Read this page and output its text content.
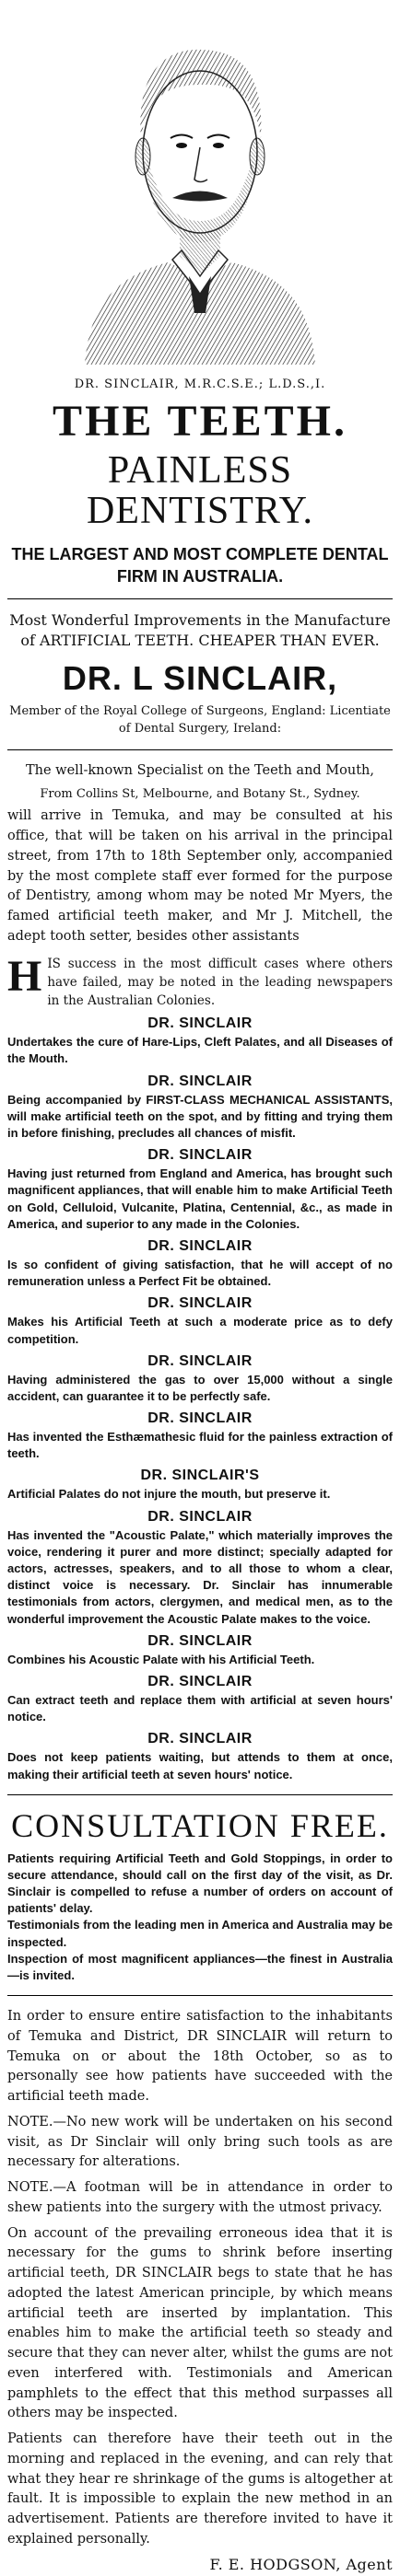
DR. SINCLAIR, M.R.C.S.E.; L.D.S.,I.
THE TEETH.
PAINLESS DENTISTRY.
THE LARGEST AND MOST COMPLETE DENTAL FIRM IN AUSTRALIA.
Most Wonderful Improvements in the Manufacture of ARTIFICIAL TEETH. CHEAPER THAN EVER.
DR. L SINCLAIR,
Member of the Royal College of Surgeons, England: Licentiate of Dental Surgery, Ireland:

The well-known Specialist on the Teeth and Mouth,

From Collins St, Melbourne, and Botany St., Sydney.

will arrive in Temuka, and may be consulted at his office, that will be taken on his arrival in the principal street, from 17th to 18th September only, accompanied by the most complete staff ever formed for the purpose of Dentistry, among whom may be noted Mr Myers, the famed artificial teeth maker, and Mr J. Mitchell, the adept tooth setter, besides other assistants

HIS success in the most difficult cases where others have failed, may be noted in the leading newspapers in the Australian Colonies.

DR. SINCLAIR

Undertakes the cure of Hare-Lips, Cleft Palates, and all Diseases of the Mouth.

DR. SINCLAIR

Being accompanied by FIRST-CLASS MECHANICAL ASSISTANTS, will make artificial teeth on the spot, and by fitting and trying them in before finishing, precludes all chances of misfit.

DR. SINCLAIR

Having just returned from England and America, has brought such magnificent appliances, that will enable him to make Artificial Teeth on Gold, Celluloid, Vulcanite, Platina, Centennial, &c., as made in America, and superior to any made in the Colonies.

DR. SINCLAIR

Is so confident of giving satisfaction, that he will accept of no remuneration unless a Perfect Fit be obtained.

DR. SINCLAIR

Makes his Artificial Teeth at such a moderate price as to defy competition.

DR. SINCLAIR

Having administered the gas to over 15,000 without a single accident, can guarantee it to be perfectly safe.

DR. SINCLAIR

Has invented the Esthæmathesic fluid for the painless extraction of teeth.

DR. SINCLAIR'S

Artificial Palates do not injure the mouth, but preserve it.

DR. SINCLAIR

Has invented the "Acoustic Palate," which materially improves the voice, rendering it purer and more distinct; specially adapted for actors, actresses, speakers, and to all those to whom a clear, distinct voice is necessary. Dr. Sinclair has innumerable testimonials from actors, clergymen, and medical men, as to the wonderful improvement the Acoustic Palate makes to the voice.

DR. SINCLAIR

Combines his Acoustic Palate with his Artificial Teeth.

DR. SINCLAIR

Can extract teeth and replace them with artificial at seven hours' notice.

DR. SINCLAIR

Does not keep patients waiting, but attends to them at once, making their artificial teeth at seven hours' notice.

CONSULTATION FREE.

Patients requiring Artificial Teeth and Gold Stoppings, in order to secure attendance, should call on the first day of the visit, as Dr. Sinclair is compelled to refuse a number of orders on account of patients' delay.

Testimonials from the leading men in America and Australia may be inspected.

Inspection of most magnificent appliances—the finest in Australia—is invited.

In order to ensure entire satisfaction to the inhabitants of Temuka and District, DR SINCLAIR will return to Temuka on or about the 18th October, so as to personally see how patients have succeeded with the artificial teeth made.

NOTE.—No new work will be undertaken on his second visit, as Dr Sinclair will only bring such tools as are necessary for alterations.

NOTE.—A footman will be in attendance in order to shew patients into the surgery with the utmost privacy.

On account of the prevailing erroneous idea that it is necessary for the gums to shrink before inserting artificial teeth, DR SINCLAIR begs to state that he has adopted the latest American principle, by which means artificial teeth are inserted by implantation. This enables him to make the artificial teeth so steady and secure that they can never alter, whilst the gums are not even interfered with. Testimonials and American pamphlets to the effect that this method surpasses all others may be inspected.

Patients can therefore have their teeth out in the morning and replaced in the evening, and can rely that what they hear re shrinkage of the gums is altogether at fault. It is impossible to explain the new method in an advertisement. Patients are therefore invited to have it explained personally.

F. E. HODGSON, Agent
